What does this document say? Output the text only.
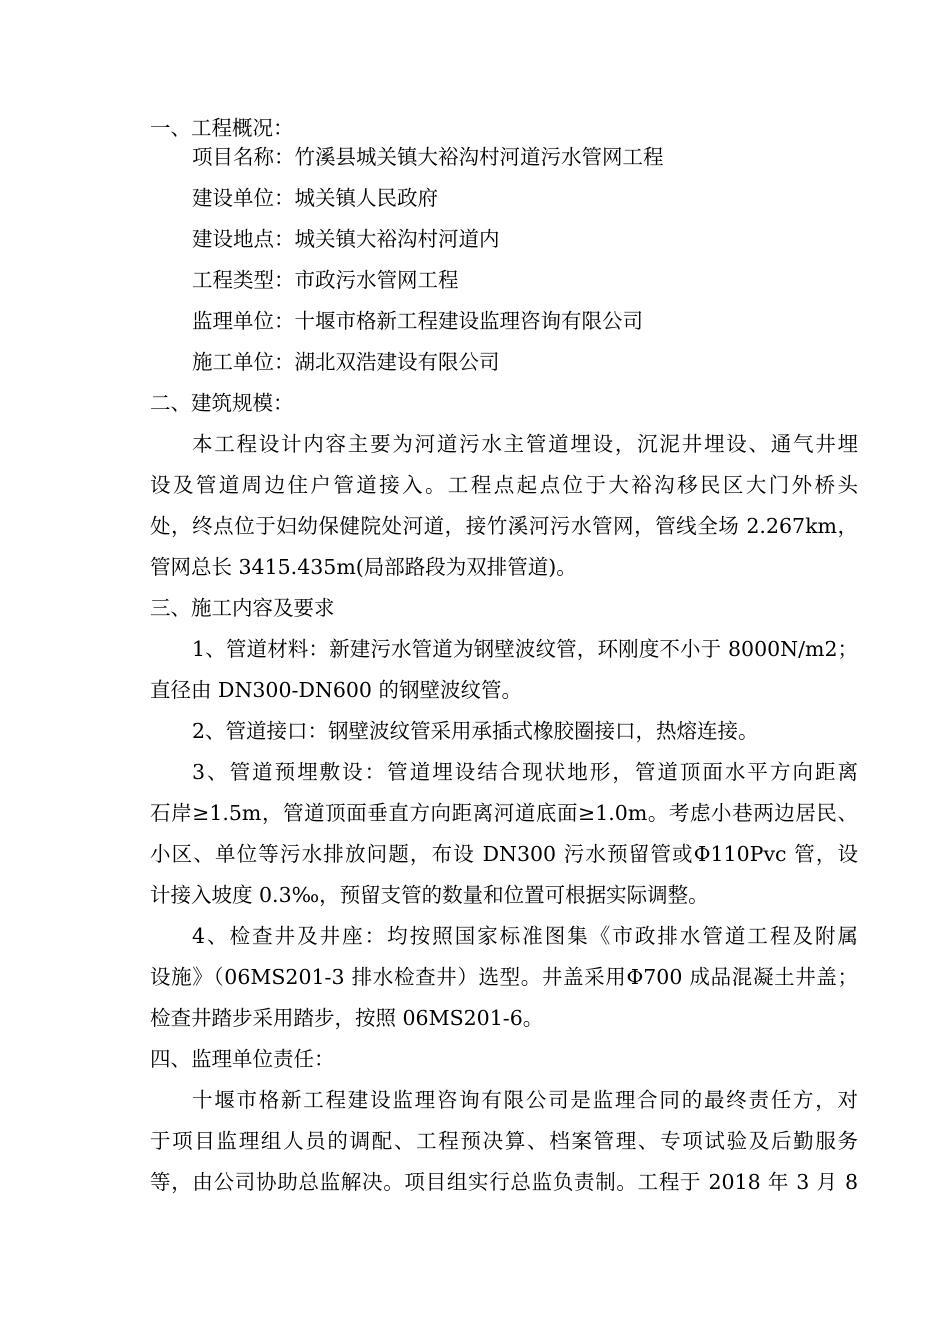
一、工程概况：
项目名称：竹溪县城关镇大裕沟村河道污水管网工程
建设单位：城关镇人民政府
建设地点：城关镇大裕沟村河道内
工程类型：市政污水管网工程
监理单位：十堰市格新工程建设监理咨询有限公司
施工单位：湖北双浩建设有限公司
二、建筑规模：
本工程设计内容主要为河道污水主管道埋设，沉泥井埋设、通气井埋
设及管道周边住户管道接入。工程点起点位于大裕沟移民区大门外桥头
处，终点位于妇幼保健院处河道，接竹溪河污水管网，管线全场 2.267km，
管网总长 3415.435m(局部路段为双排管道)。
三、施工内容及要求
1、管道材料：新建污水管道为钢壁波纹管，环刚度不小于 8000N/m2；
直径由 DN300-DN600 的钢壁波纹管。
2、管道接口：钢壁波纹管采用承插式橡胶圈接口，热熔连接。
3、管道预埋敷设：管道埋设结合现状地形，管道顶面水平方向距离
石岸≥1.5m，管道顶面垂直方向距离河道底面≥1.0m。考虑小巷两边居民、
小区、单位等污水排放问题，布设 DN300 污水预留管或Φ110Pvc 管，设
计接入坡度 0.3‰，预留支管的数量和位置可根据实际调整。
4、检查井及井座：均按照国家标准图集《市政排水管道工程及附属
设施》（06MS201-3 排水检查井）选型。井盖采用Φ700 成品混凝土井盖；
检查井踏步采用踏步，按照 06MS201-6。
四、监理单位责任：
十堰市格新工程建设监理咨询有限公司是监理合同的最终责任方，对
于项目监理组人员的调配、工程预决算、档案管理、专项试验及后勤服务
等，由公司协助总监解决。项目组实行总监负责制。工程于 2018 年 3 月 8
